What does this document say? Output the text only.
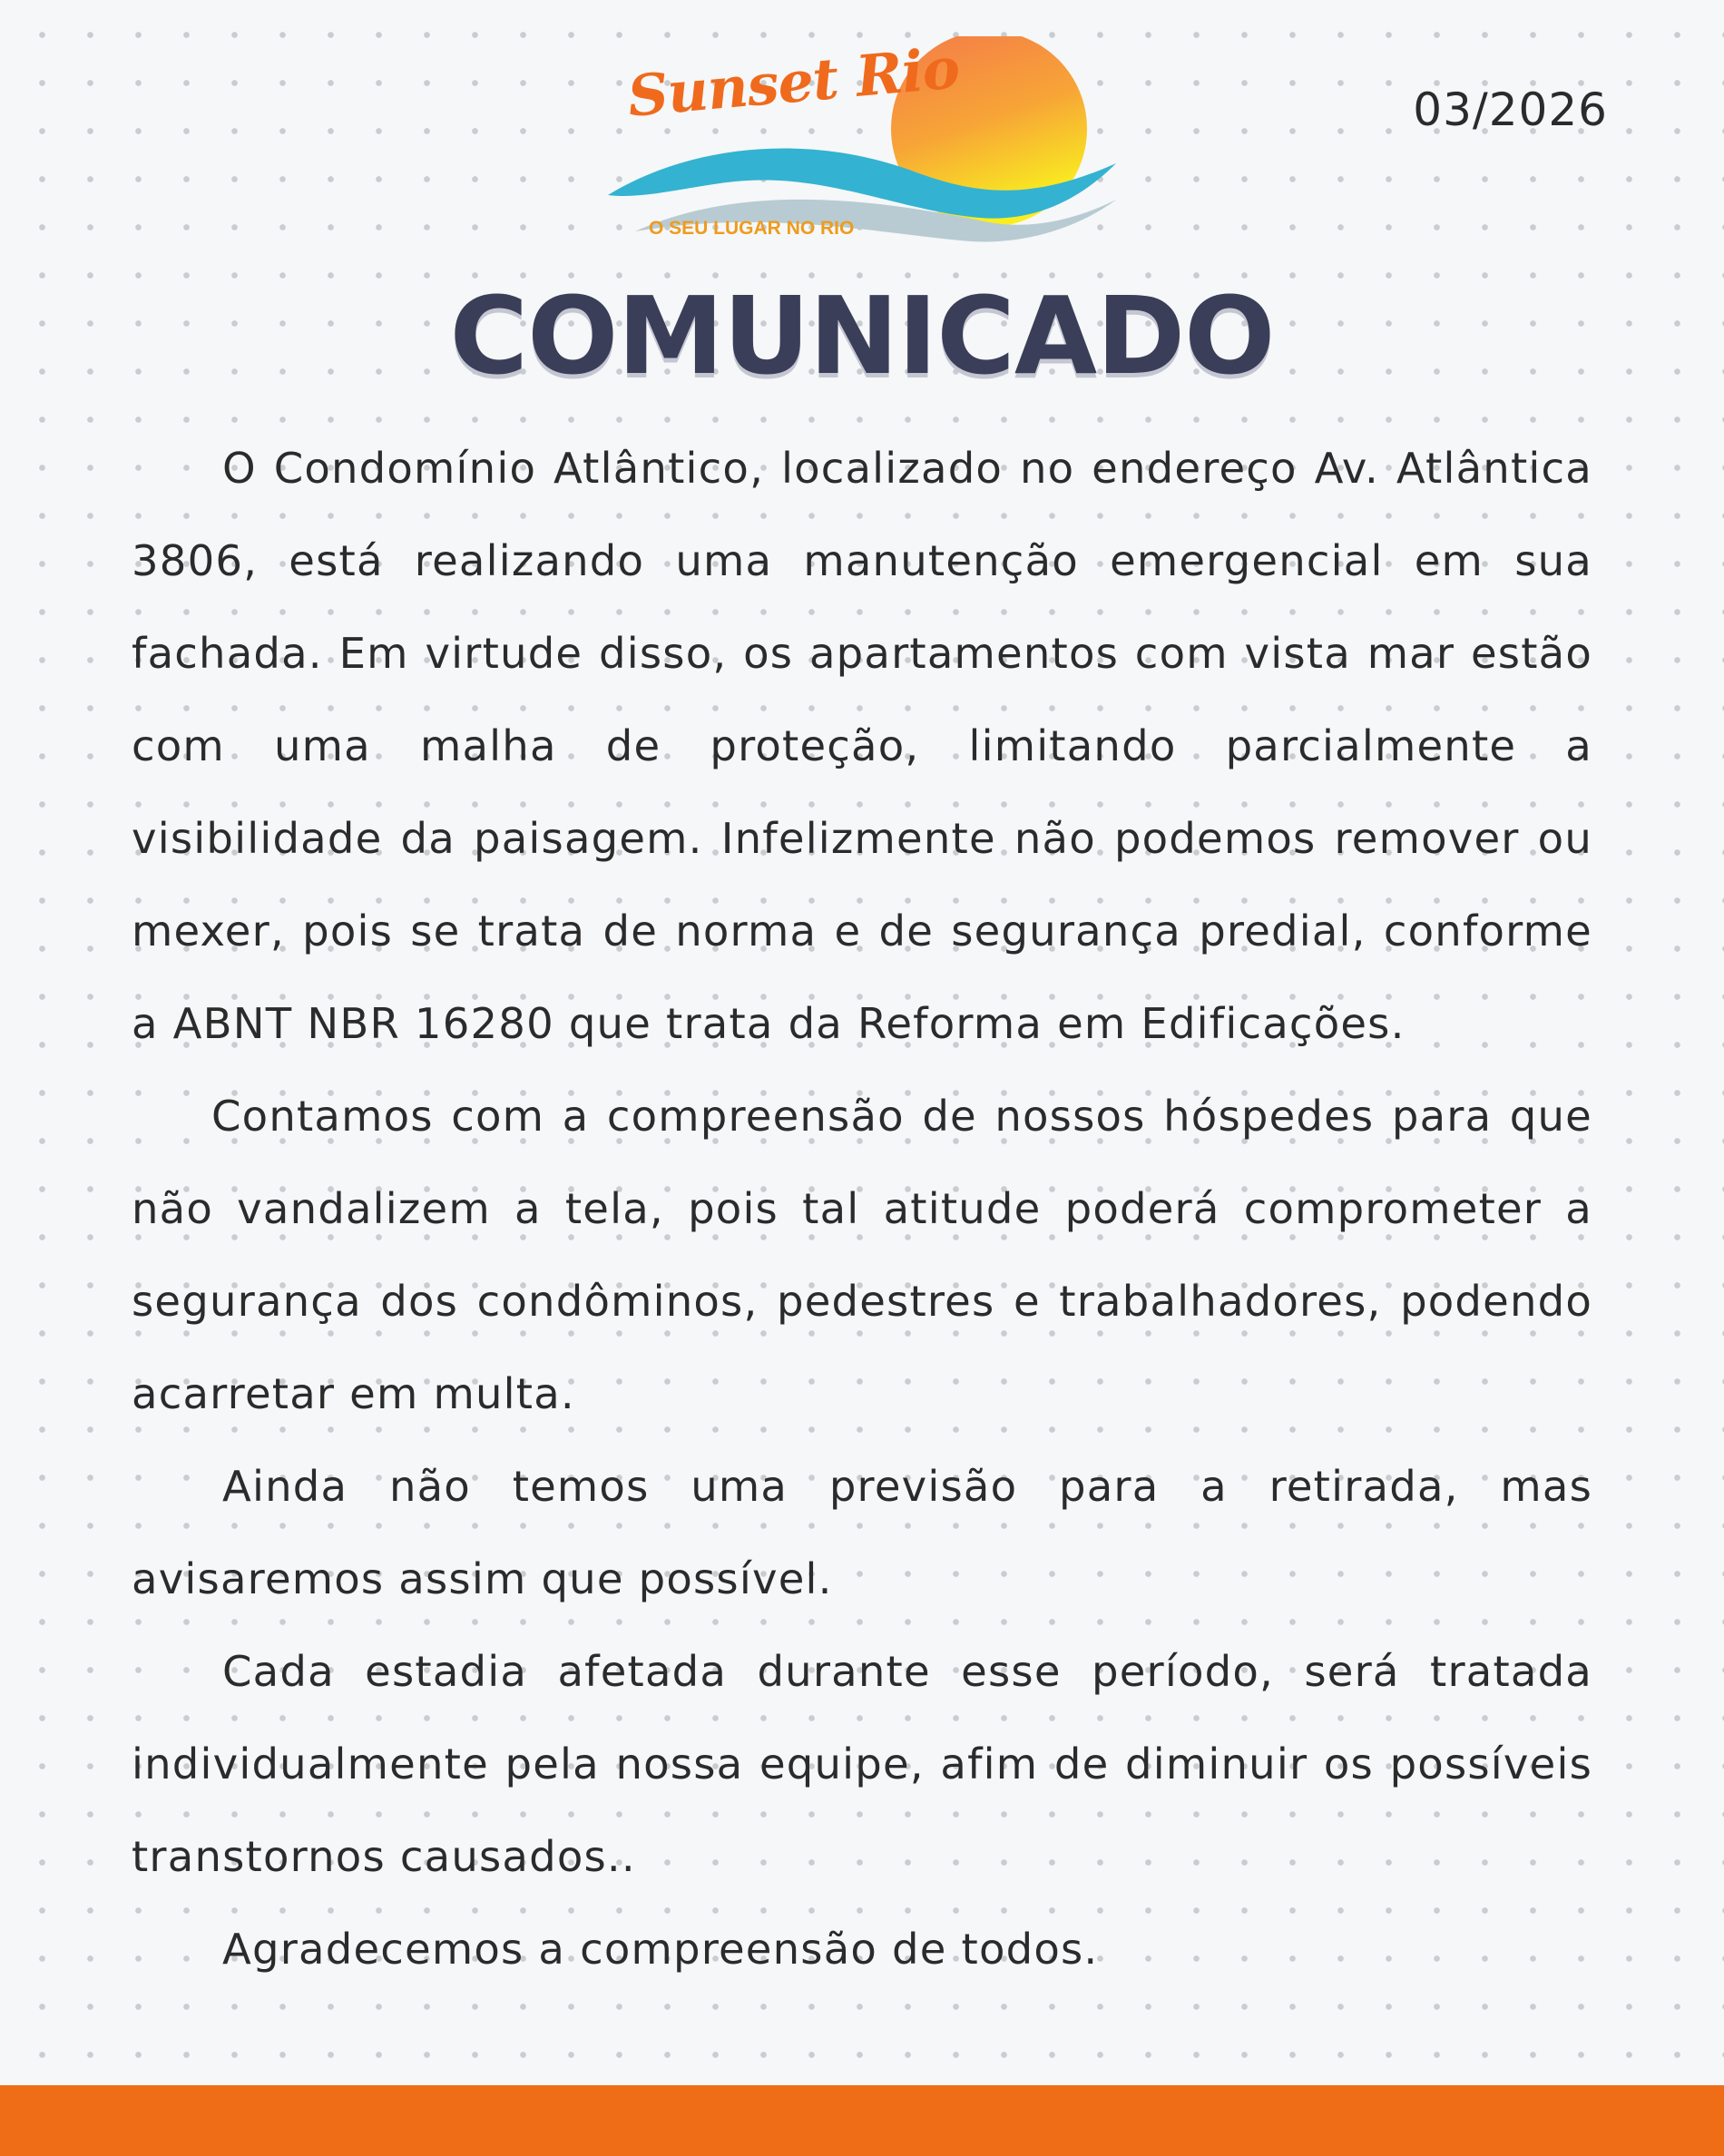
Sunset Rio
O SEU LUGAR NO RIO
03/2026
COMUNICADO

O Condomínio Atlântico, localizado no endereço Av. Atlântica 3806, está realizando uma manutenção emergencial em sua fachada. Em virtude disso, os apartamentos com vista mar estão com uma malha de proteção, limitando parcialmente a visibilidade da paisagem. Infelizmente não podemos remover ou mexer, pois se trata de norma e de segurança predial, conforme a ABNT NBR 16280 que trata da Reforma em Edificações.

Contamos com a compreensão de nossos hóspedes para que não vandalizem a tela, pois tal atitude poderá comprometer a segurança dos condôminos, pedestres e trabalhadores, podendo acarretar em multa.

Ainda não temos uma previsão para a retirada, mas avisaremos assim que possível.

Cada estadia afetada durante esse período, será tratada individualmente pela nossa equipe, afim de diminuir os possíveis transtornos causados..

Agradecemos a compreensão de todos.
